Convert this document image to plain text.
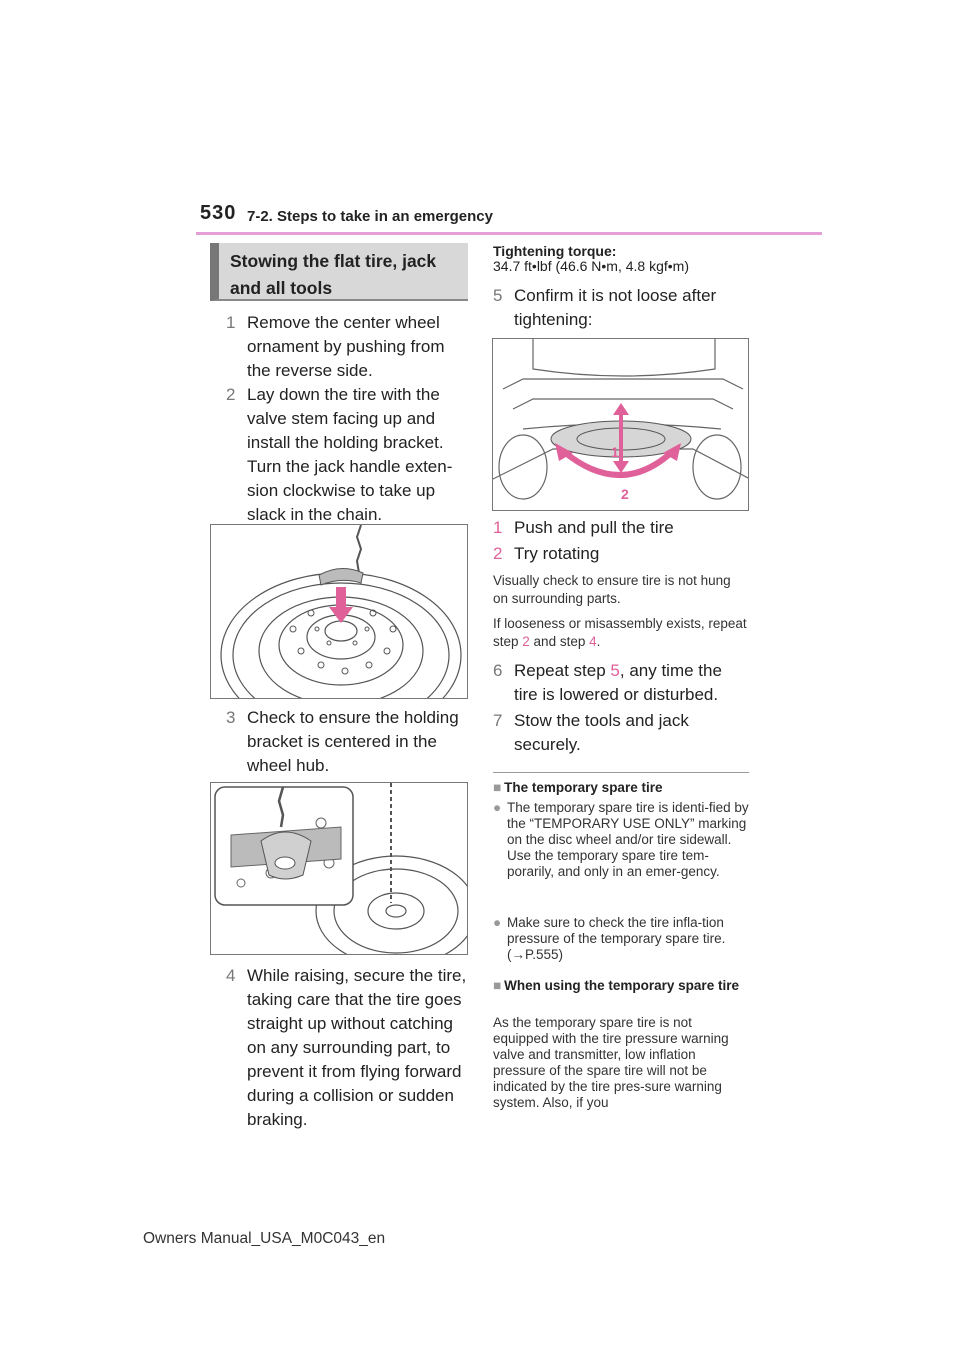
530 7-2. Steps to take in an emergency
Stowing the flat tire, jack and all tools
1 Remove the center wheel ornament by pushing from the reverse side.
2 Lay down the tire with the valve stem facing up and install the holding bracket. Turn the jack handle exten-sion clockwise to take up slack in the chain.
3 Check to ensure the holding bracket is centered in the wheel hub.
4 While raising, secure the tire, taking care that the tire goes straight up without catching on any surrounding part, to prevent it from flying forward during a collision or sudden braking.
Tightening torque:
34.7 ft•lbf (46.6 N•m, 4.8 kgf•m)
5 Confirm it is not loose after tightening:
1
2
1 Push and pull the tire
2 Try rotating
Visually check to ensure tire is not hung on surrounding parts.
If looseness or misassembly exists, repeat step 2 and step 4.
6 Repeat step 5, any time the tire is lowered or disturbed.
7 Stow the tools and jack securely.
■ The temporary spare tire
● The temporary spare tire is identi-fied by the “TEMPORARY USE ONLY” marking on the disc wheel and/or tire sidewall. Use the temporary spare tire tem-porarily, and only in an emer-gency.
● Make sure to check the tire infla-tion pressure of the temporary spare tire. (→P.555)
■ When using the temporary spare tire
As the temporary spare tire is not equipped with the tire pressure warning valve and transmitter, low inflation pressure of the spare tire will not be indicated by the tire pres-sure warning system. Also, if you
Owners Manual_USA_M0C043_en
